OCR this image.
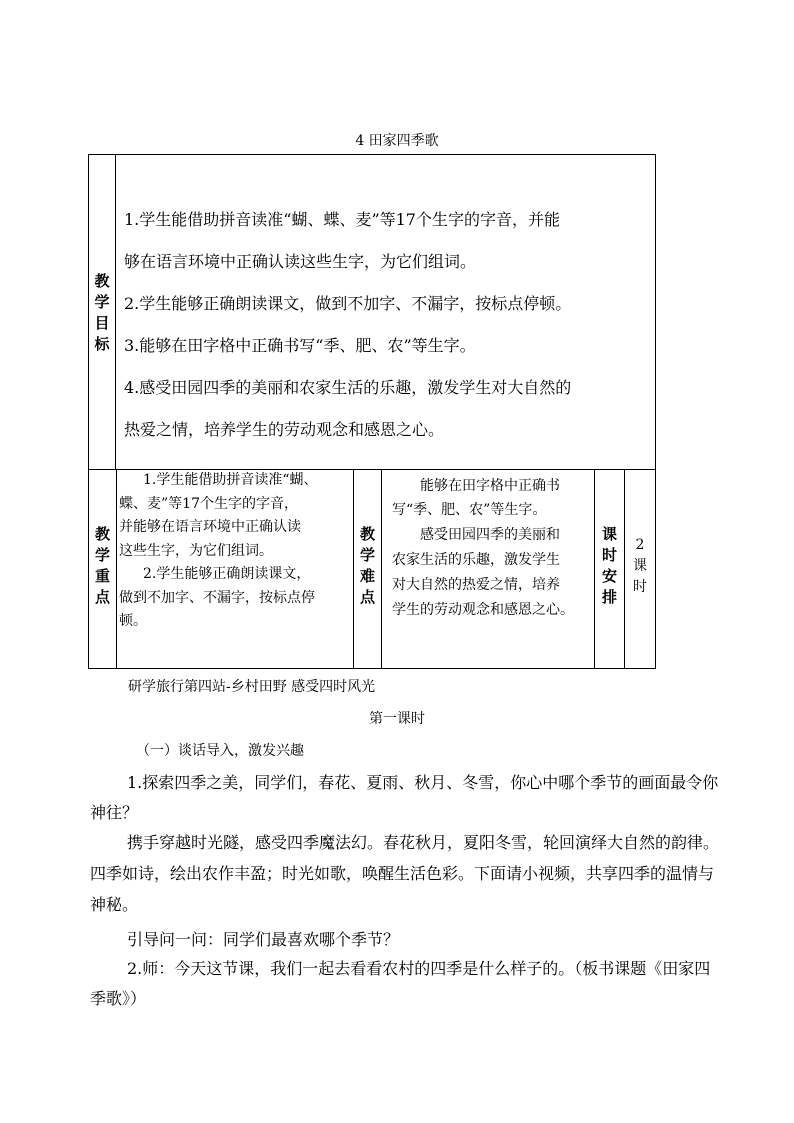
4 田家四季歌
教
学
目
标
1.学生能借助拼音读准“蝴、蝶、麦”等17个生字的字音，并能
够在语言环境中正确认读这些生字，为它们组词。
2.学生能够正确朗读课文，做到不加字、不漏字，按标点停顿。
3.能够在田字格中正确书写“季、肥、农”等生字。
4.感受田园四季的美丽和农家生活的乐趣，激发学生对大自然的
热爱之情，培养学生的劳动观念和感恩之心。
教
学
重
点
1.学生能借助拼音读准“蝴、
蝶、麦”等17个生字的字音，
并能够在语言环境中正确认读
这些生字，为它们组词。
2.学生能够正确朗读课文，
做到不加字、不漏字，按标点停
顿。
教
学
难
点
能够在田字格中正确书
写“季、肥、农”等生字。
感受田园四季的美丽和
农家生活的乐趣，激发学生
对大自然的热爱之情，培养
学生的劳动观念和感恩之心。
课
时
安
排
2
课
时
研学旅行第四站-乡村田野 感受四时风光
第一课时
（一）谈话导入，激发兴趣
1.探索四季之美，同学们，春花、夏雨、秋月、冬雪，你心中哪个季节的画面最令你
神往？
携手穿越时光隧，感受四季魔法幻。春花秋月，夏阳冬雪，轮回演绎大自然的韵律。
四季如诗，绘出农作丰盈；时光如歌，唤醒生活色彩。下面请小视频，共享四季的温情与
神秘。
引导问一问：同学们最喜欢哪个季节？
2.师：今天这节课，我们一起去看看农村的四季是什么样子的。（板书课题《田家四
季歌》）
